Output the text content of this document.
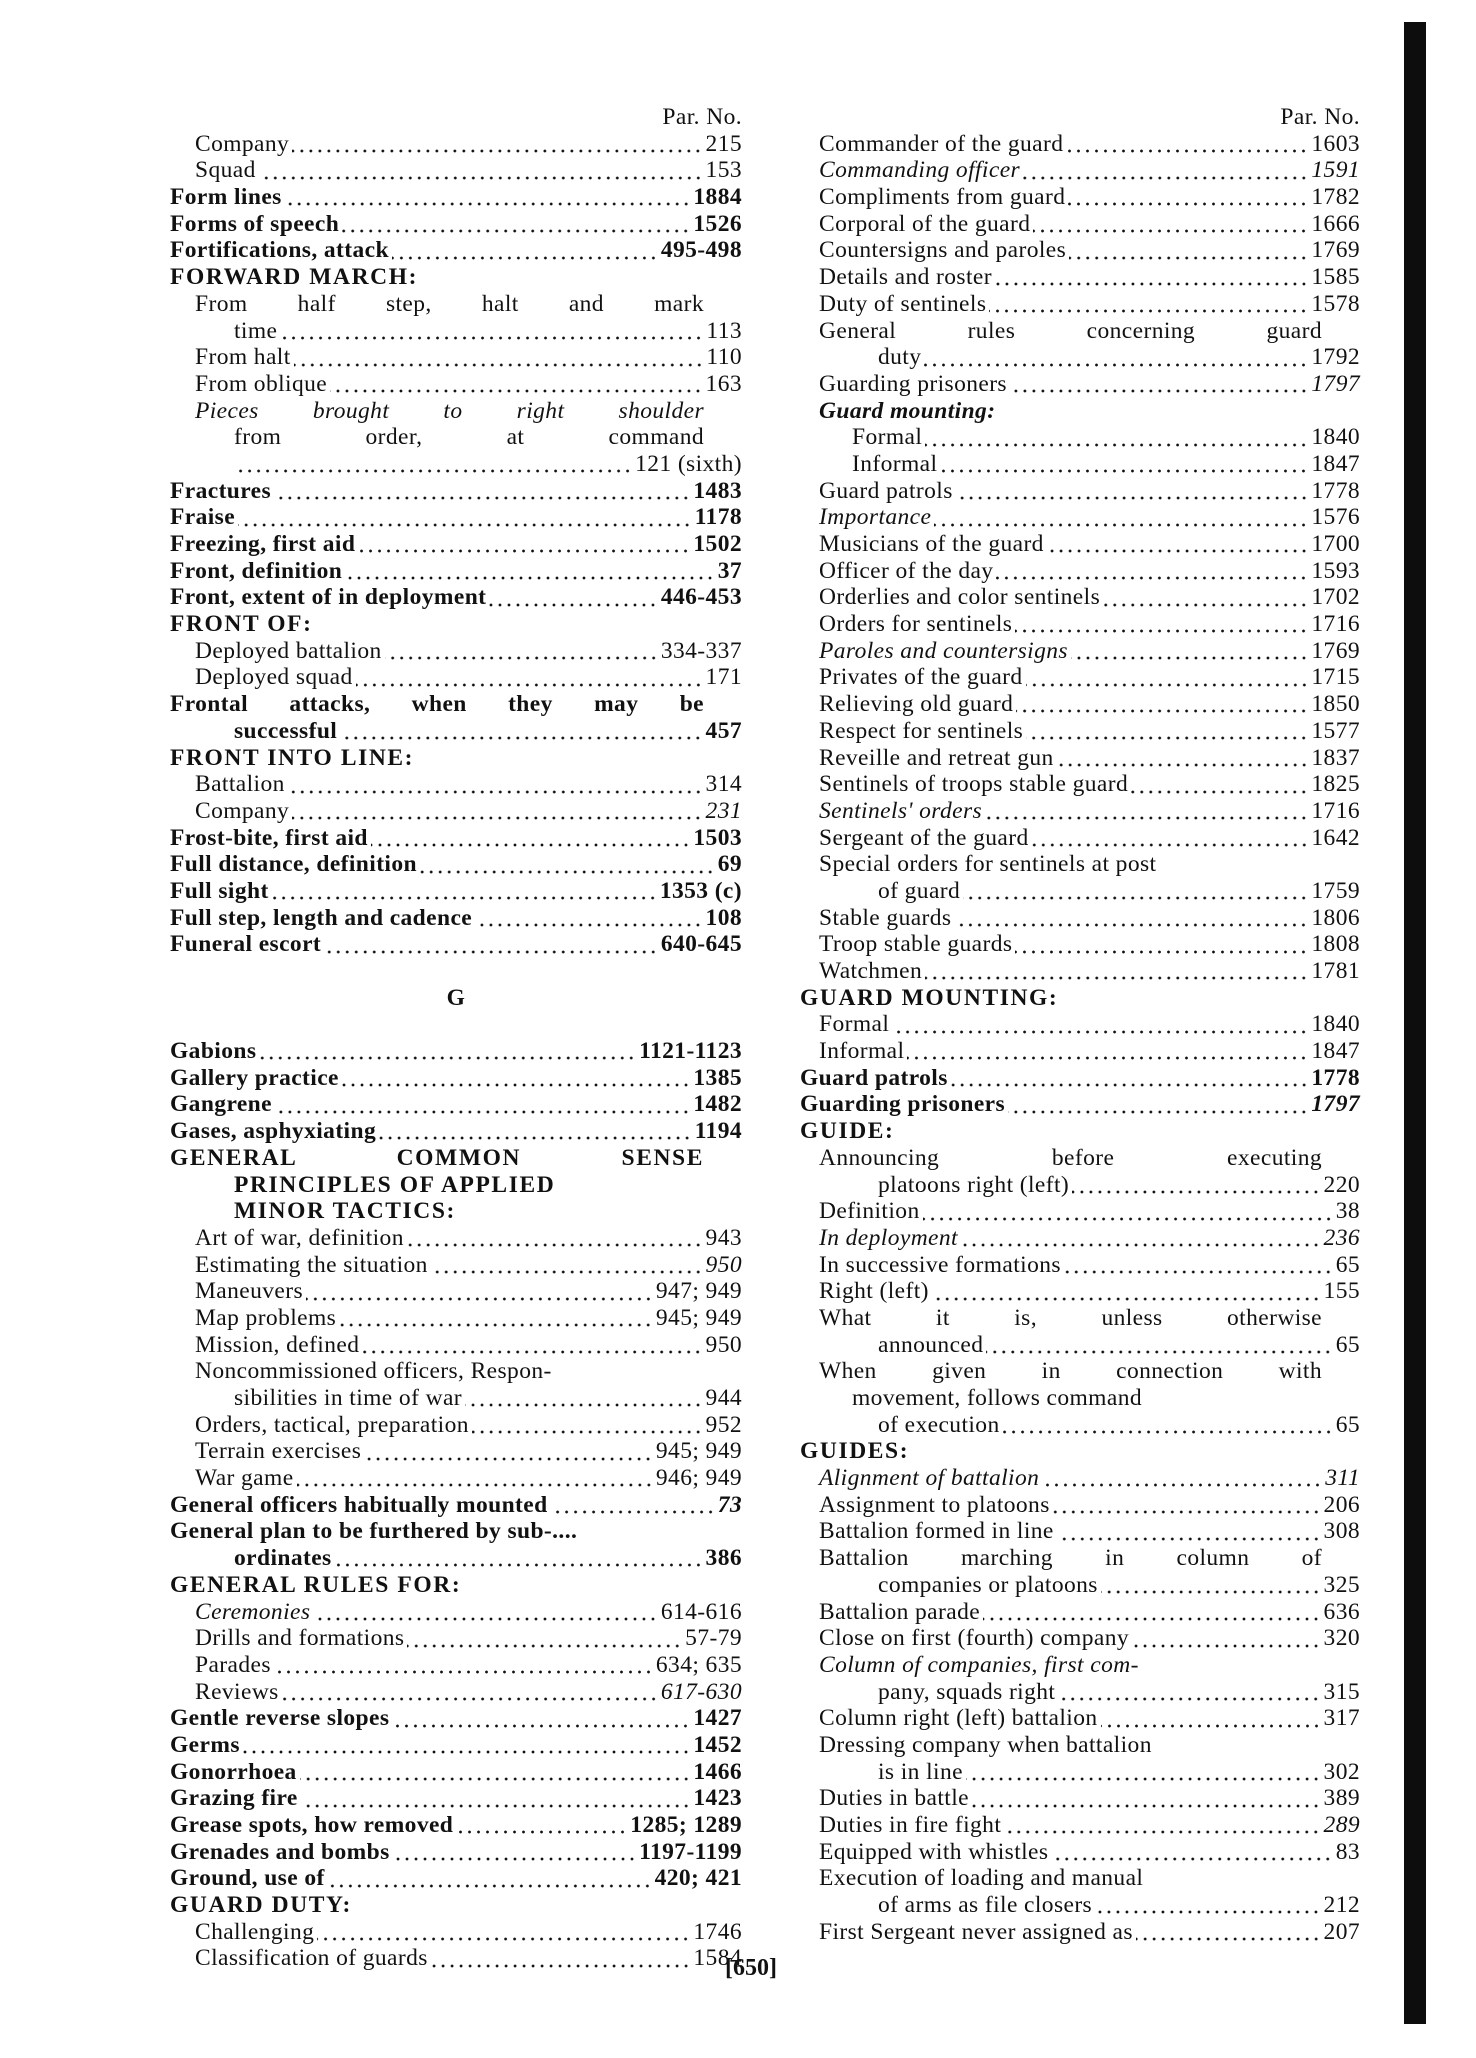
Par. No.
Company	215
Squad	153
Form lines	1884
Forms of speech	1526
Fortifications, attack	495-498
FORWARD MARCH:
From half step, halt and mark
time	113
From halt	110
From oblique	163
Pieces brought to right shoulder
from order, at command
121 (sixth)
Fractures	1483
Fraise	1178
Freezing, first aid	1502
Front, definition	37
Front, extent of in deployment	446-453
FRONT OF:
Deployed battalion	334-337
Deployed squad	171
Frontal attacks, when they may be
successful	457
FRONT INTO LINE:
Battalion	314
Company	231
Frost-bite, first aid	1503
Full distance, definition	69
Full sight	1353 (c)
Full step, length and cadence	108
Funeral escort	640-645
G
Gabions	1121-1123
Gallery practice	1385
Gangrene	1482
Gases, asphyxiating	1194
GENERAL COMMON SENSE
PRINCIPLES OF APPLIED
MINOR TACTICS:
Art of war, definition	943
Estimating the situation	950
Maneuvers	947; 949
Map problems	945; 949
Mission, defined	950
Noncommissioned officers, Respon-
sibilities in time of war	944
Orders, tactical, preparation	952
Terrain exercises	945; 949
War game	946; 949
General officers habitually mounted	73
General plan to be furthered by sub-....
ordinates	386
GENERAL RULES FOR:
Ceremonies	614-616
Drills and formations	57-79
Parades	634; 635
Reviews	617-630
Gentle reverse slopes	1427
Germs	1452
Gonorrhoea	1466
Grazing fire	1423
Grease spots, how removed	1285; 1289
Grenades and bombs	1197-1199
Ground, use of	420; 421
GUARD DUTY:
Challenging	1746
Classification of guards	1584
Par. No.
Commander of the guard	1603
Commanding officer	1591
Compliments from guard	1782
Corporal of the guard	1666
Countersigns and paroles	1769
Details and roster	1585
Duty of sentinels	1578
General rules concerning guard
duty	1792
Guarding prisoners	1797
Guard mounting:
Formal	1840
Informal	1847
Guard patrols	1778
Importance	1576
Musicians of the guard	1700
Officer of the day	1593
Orderlies and color sentinels	1702
Orders for sentinels	1716
Paroles and countersigns	1769
Privates of the guard	1715
Relieving old guard	1850
Respect for sentinels	1577
Reveille and retreat gun	1837
Sentinels of troops stable guard	1825
Sentinels' orders	1716
Sergeant of the guard	1642
Special orders for sentinels at post
of guard	1759
Stable guards	1806
Troop stable guards	1808
Watchmen	1781
GUARD MOUNTING:
Formal	1840
Informal	1847
Guard patrols	1778
Guarding prisoners	1797
GUIDE:
Announcing before executing
platoons right (left)	220
Definition	38
In deployment	236
In successive formations	65
Right (left)	155
What it is, unless otherwise
announced	65
When given in connection with
movement, follows command
of execution	65
GUIDES:
Alignment of battalion	311
Assignment to platoons	206
Battalion formed in line	308
Battalion marching in column of
companies or platoons	325
Battalion parade	636
Close on first (fourth) company	320
Column of companies, first com-
pany, squads right	315
Column right (left) battalion	317
Dressing company when battalion
is in line	302
Duties in battle	389
Duties in fire fight	289
Equipped with whistles	83
Execution of loading and manual
of arms as file closers	212
First Sergeant never assigned as	207
[650]
